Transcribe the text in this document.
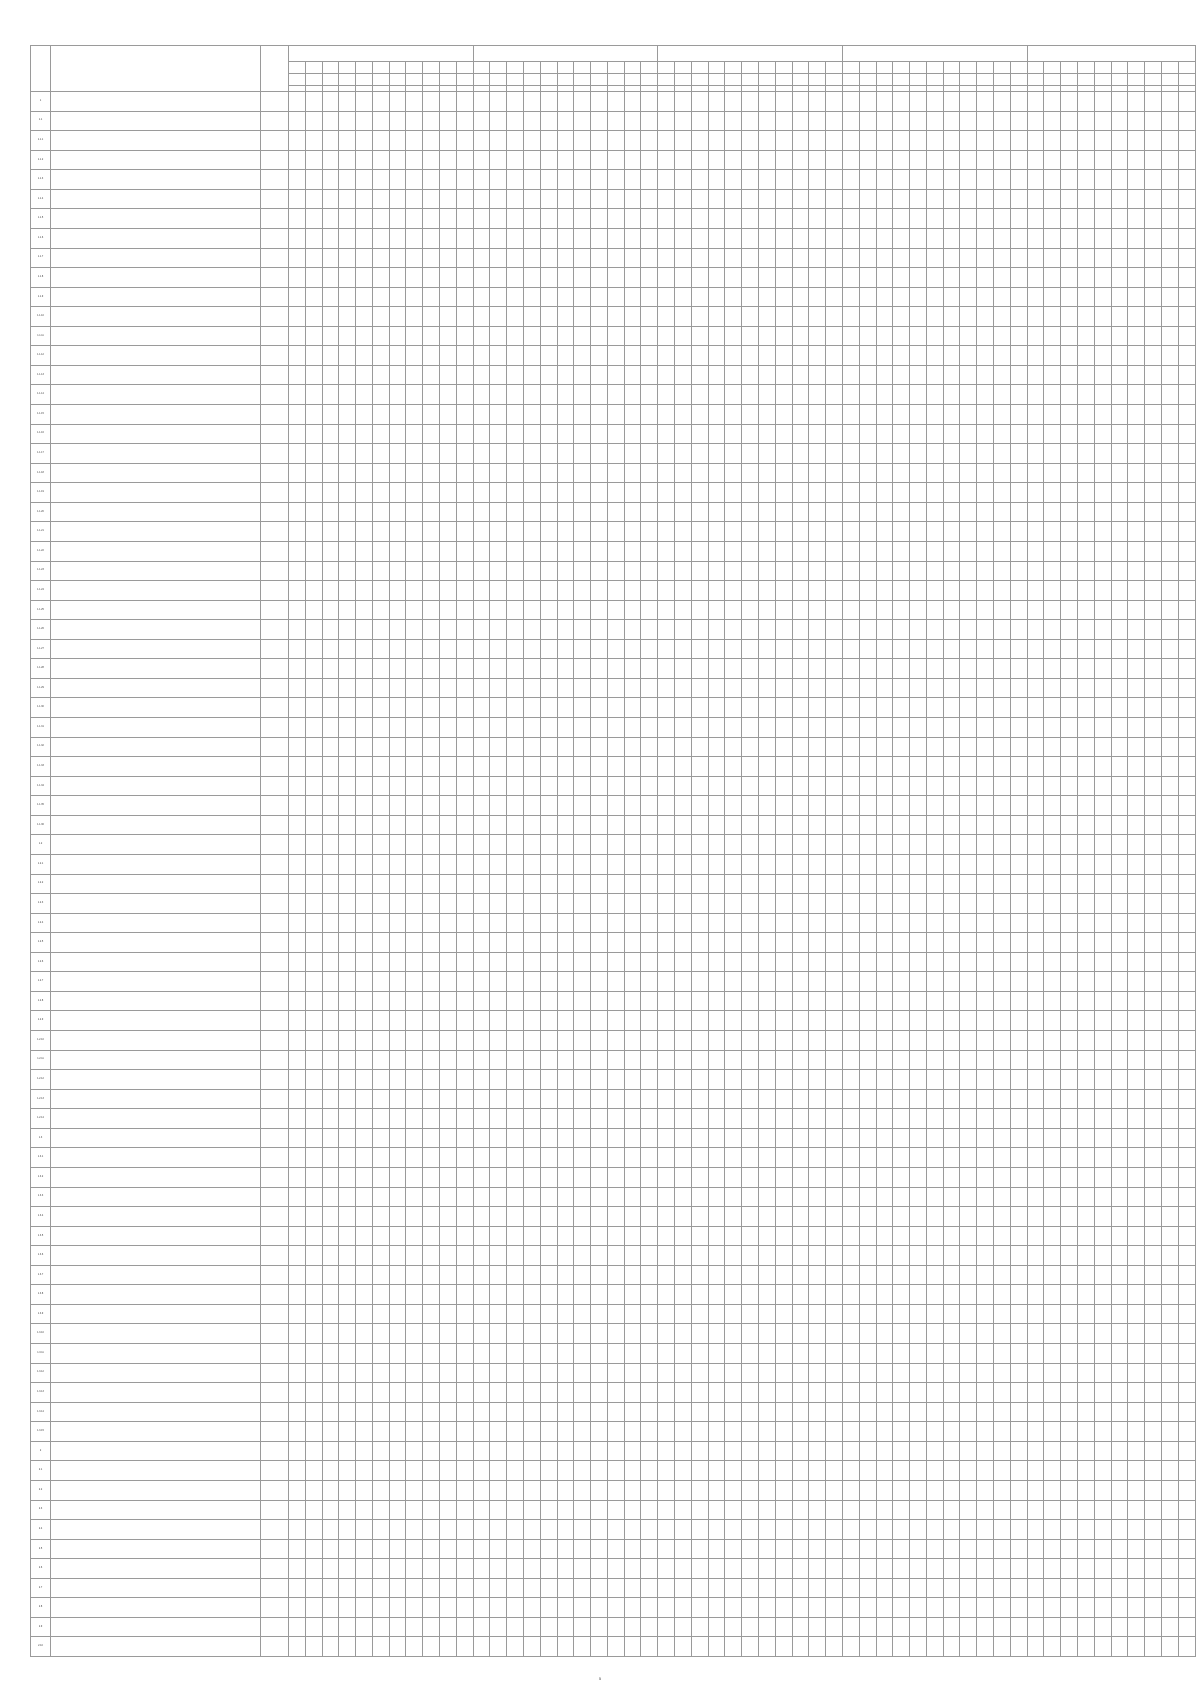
1																																																								
1.1																																																								
1.1.1																																																								
1.1.2																																																								
1.1.3																																																								
1.1.4																																																								
1.1.5																																																								
1.1.6																																																								
1.1.7																																																								
1.1.8																																																								
1.1.9																																																								
1.1.10																																																								
1.1.11																																																								
1.1.12																																																								
1.1.13																																																								
1.1.14																																																								
1.1.15																																																								
1.1.16																																																								
1.1.17																																																								
1.1.18																																																								
1.1.19																																																								
1.1.20																																																								
1.1.21																																																								
1.1.22																																																								
1.1.23																																																								
1.1.24																																																								
1.1.25																																																								
1.1.26																																																								
1.1.27																																																								
1.1.28																																																								
1.1.29																																																								
1.1.30																																																								
1.1.31																																																								
1.1.32																																																								
1.1.33																																																								
1.1.34																																																								
1.1.35																																																								
1.1.36																																																								
1.2																																																								
1.2.1																																																								
1.2.2																																																								
1.2.3																																																								
1.2.4																																																								
1.2.5																																																								
1.2.6																																																								
1.2.7																																																								
1.2.8																																																								
1.2.9																																																								
1.2.10																																																								
1.2.11																																																								
1.2.12																																																								
1.2.13																																																								
1.2.14																																																								
1.3																																																								
1.3.1																																																								
1.3.2																																																								
1.3.3																																																								
1.3.4																																																								
1.3.5																																																								
1.3.6																																																								
1.3.7																																																								
1.3.8																																																								
1.3.9																																																								
1.3.10																																																								
1.3.11																																																								
1.3.12																																																								
1.3.13																																																								
1.3.14																																																								
1.3.15																																																								
2																																																								
2.1																																																								
2.2																																																								
2.3																																																								
2.4																																																								
2.5																																																								
2.6																																																								
2.7																																																								
2.8																																																								
2.9																																																								
2.10																																																								
5
